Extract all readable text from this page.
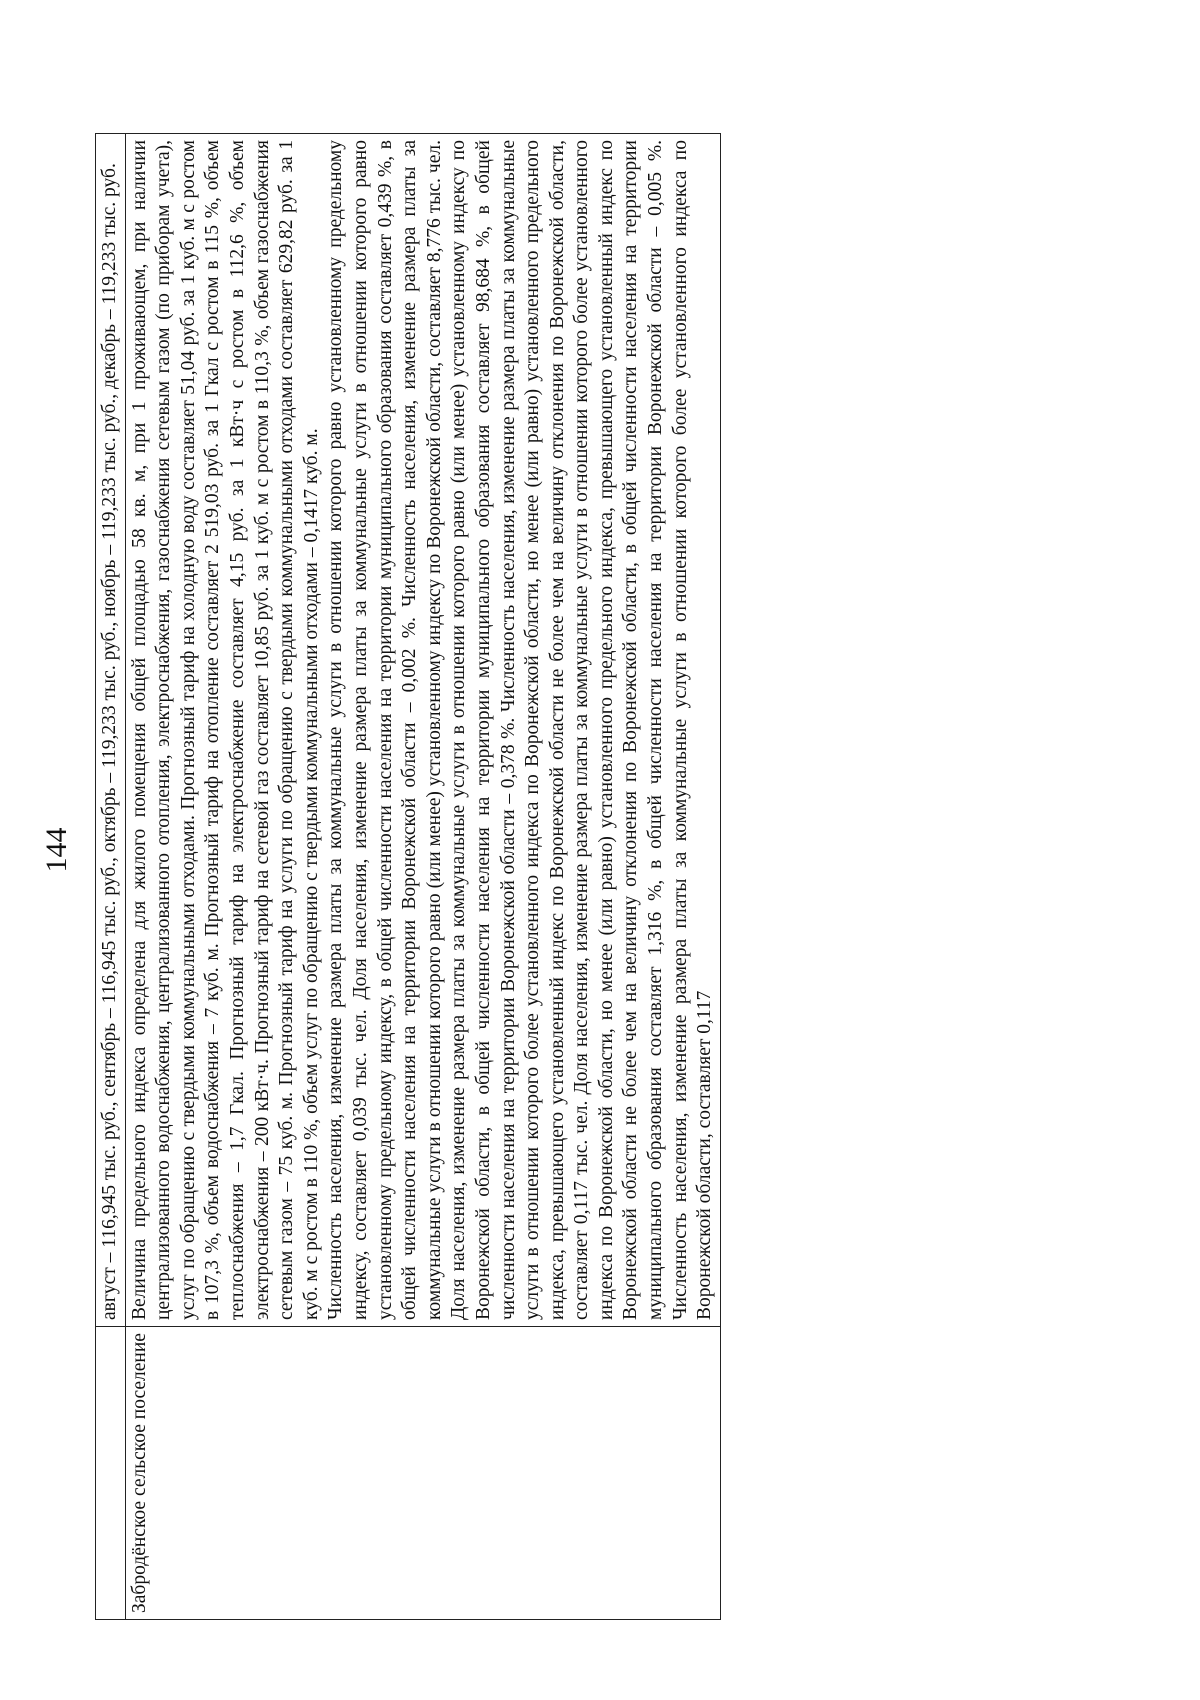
144

	август – 116,945 тыс. руб., сентябрь – 116,945 тыс. руб., октябрь – 119,233 тыс. руб., ноябрь – 119,233 тыс. руб., декабрь – 119,233 тыс. руб.

Забродёнское сельское поселение	Величина предельного индекса определена для жилого помещения общей площадью 58 кв. м, при 1 проживающем, при наличии централизованного водоснабжения, централизованного отопления, электроснабжения, газоснабжения сетевым газом (по приборам учета), услуг по обращению с твердыми коммунальными отходами. Прогнозный тариф на холодную воду составляет 51,04 руб. за 1 куб. м с ростом в 107,3 %, объем водоснабжения – 7 куб. м. Прогнозный тариф на отопление составляет 2 519,03 руб. за 1 Гкал с ростом в 115 %, объем теплоснабжения – 1,7 Гкал. Прогнозный тариф на электроснабжение составляет 4,15 руб. за 1 кВт·ч с ростом в 112,6 %, объем электроснабжения – 200 кВт·ч. Прогнозный тариф на сетевой газ составляет 10,85 руб. за 1 куб. м с ростом в 110,3 %, объем газоснабжения сетевым газом – 75 куб. м. Прогнозный тариф на услуги по обращению с твердыми коммунальными отходами составляет 629,82 руб. за 1 куб. м с ростом в 110 %, объем услуг по обращению с твердыми коммунальными отходами – 0,1417 куб. м. Численность населения, изменение размера платы за коммунальные услуги в отношении которого равно установленному предельному индексу, составляет 0,039 тыс. чел. Доля населения, изменение размера платы за коммунальные услуги в отношении которого равно установленному предельному индексу, в общей численности населения на территории муниципального образования составляет 0,439 %, в общей численности населения на территории Воронежской области – 0,002 %. Численность населения, изменение размера платы за коммунальные услуги в отношении которого равно (или менее) установленному индексу по Воронежской области, составляет 8,776 тыс. чел. Доля населения, изменение размера платы за коммунальные услуги в отношении которого равно (или менее) установленному индексу по Воронежской области, в общей численности населения на территории муниципального образования составляет 98,684 %, в общей численности населения на территории Воронежской области – 0,378 %. Численность населения, изменение размера платы за коммунальные услуги в отношении которого более установленного индекса по Воронежской области, но менее (или равно) установленного предельного индекса, превышающего установленный индекс по Воронежской области не более чем на величину отклонения по Воронежской области, составляет 0,117 тыс. чел. Доля населения, изменение размера платы за коммунальные услуги в отношении которого более установленного индекса по Воронежской области, но менее (или равно) установленного предельного индекса, превышающего установленный индекс по Воронежской области не более чем на величину отклонения по Воронежской области, в общей численности населения на территории муниципального образования составляет 1,316 %, в общей численности населения на территории Воронежской области – 0,005 %. Численность населения, изменение размера платы за коммунальные услуги в отношении которого более установленного индекса по Воронежской области, составляет 0,117
